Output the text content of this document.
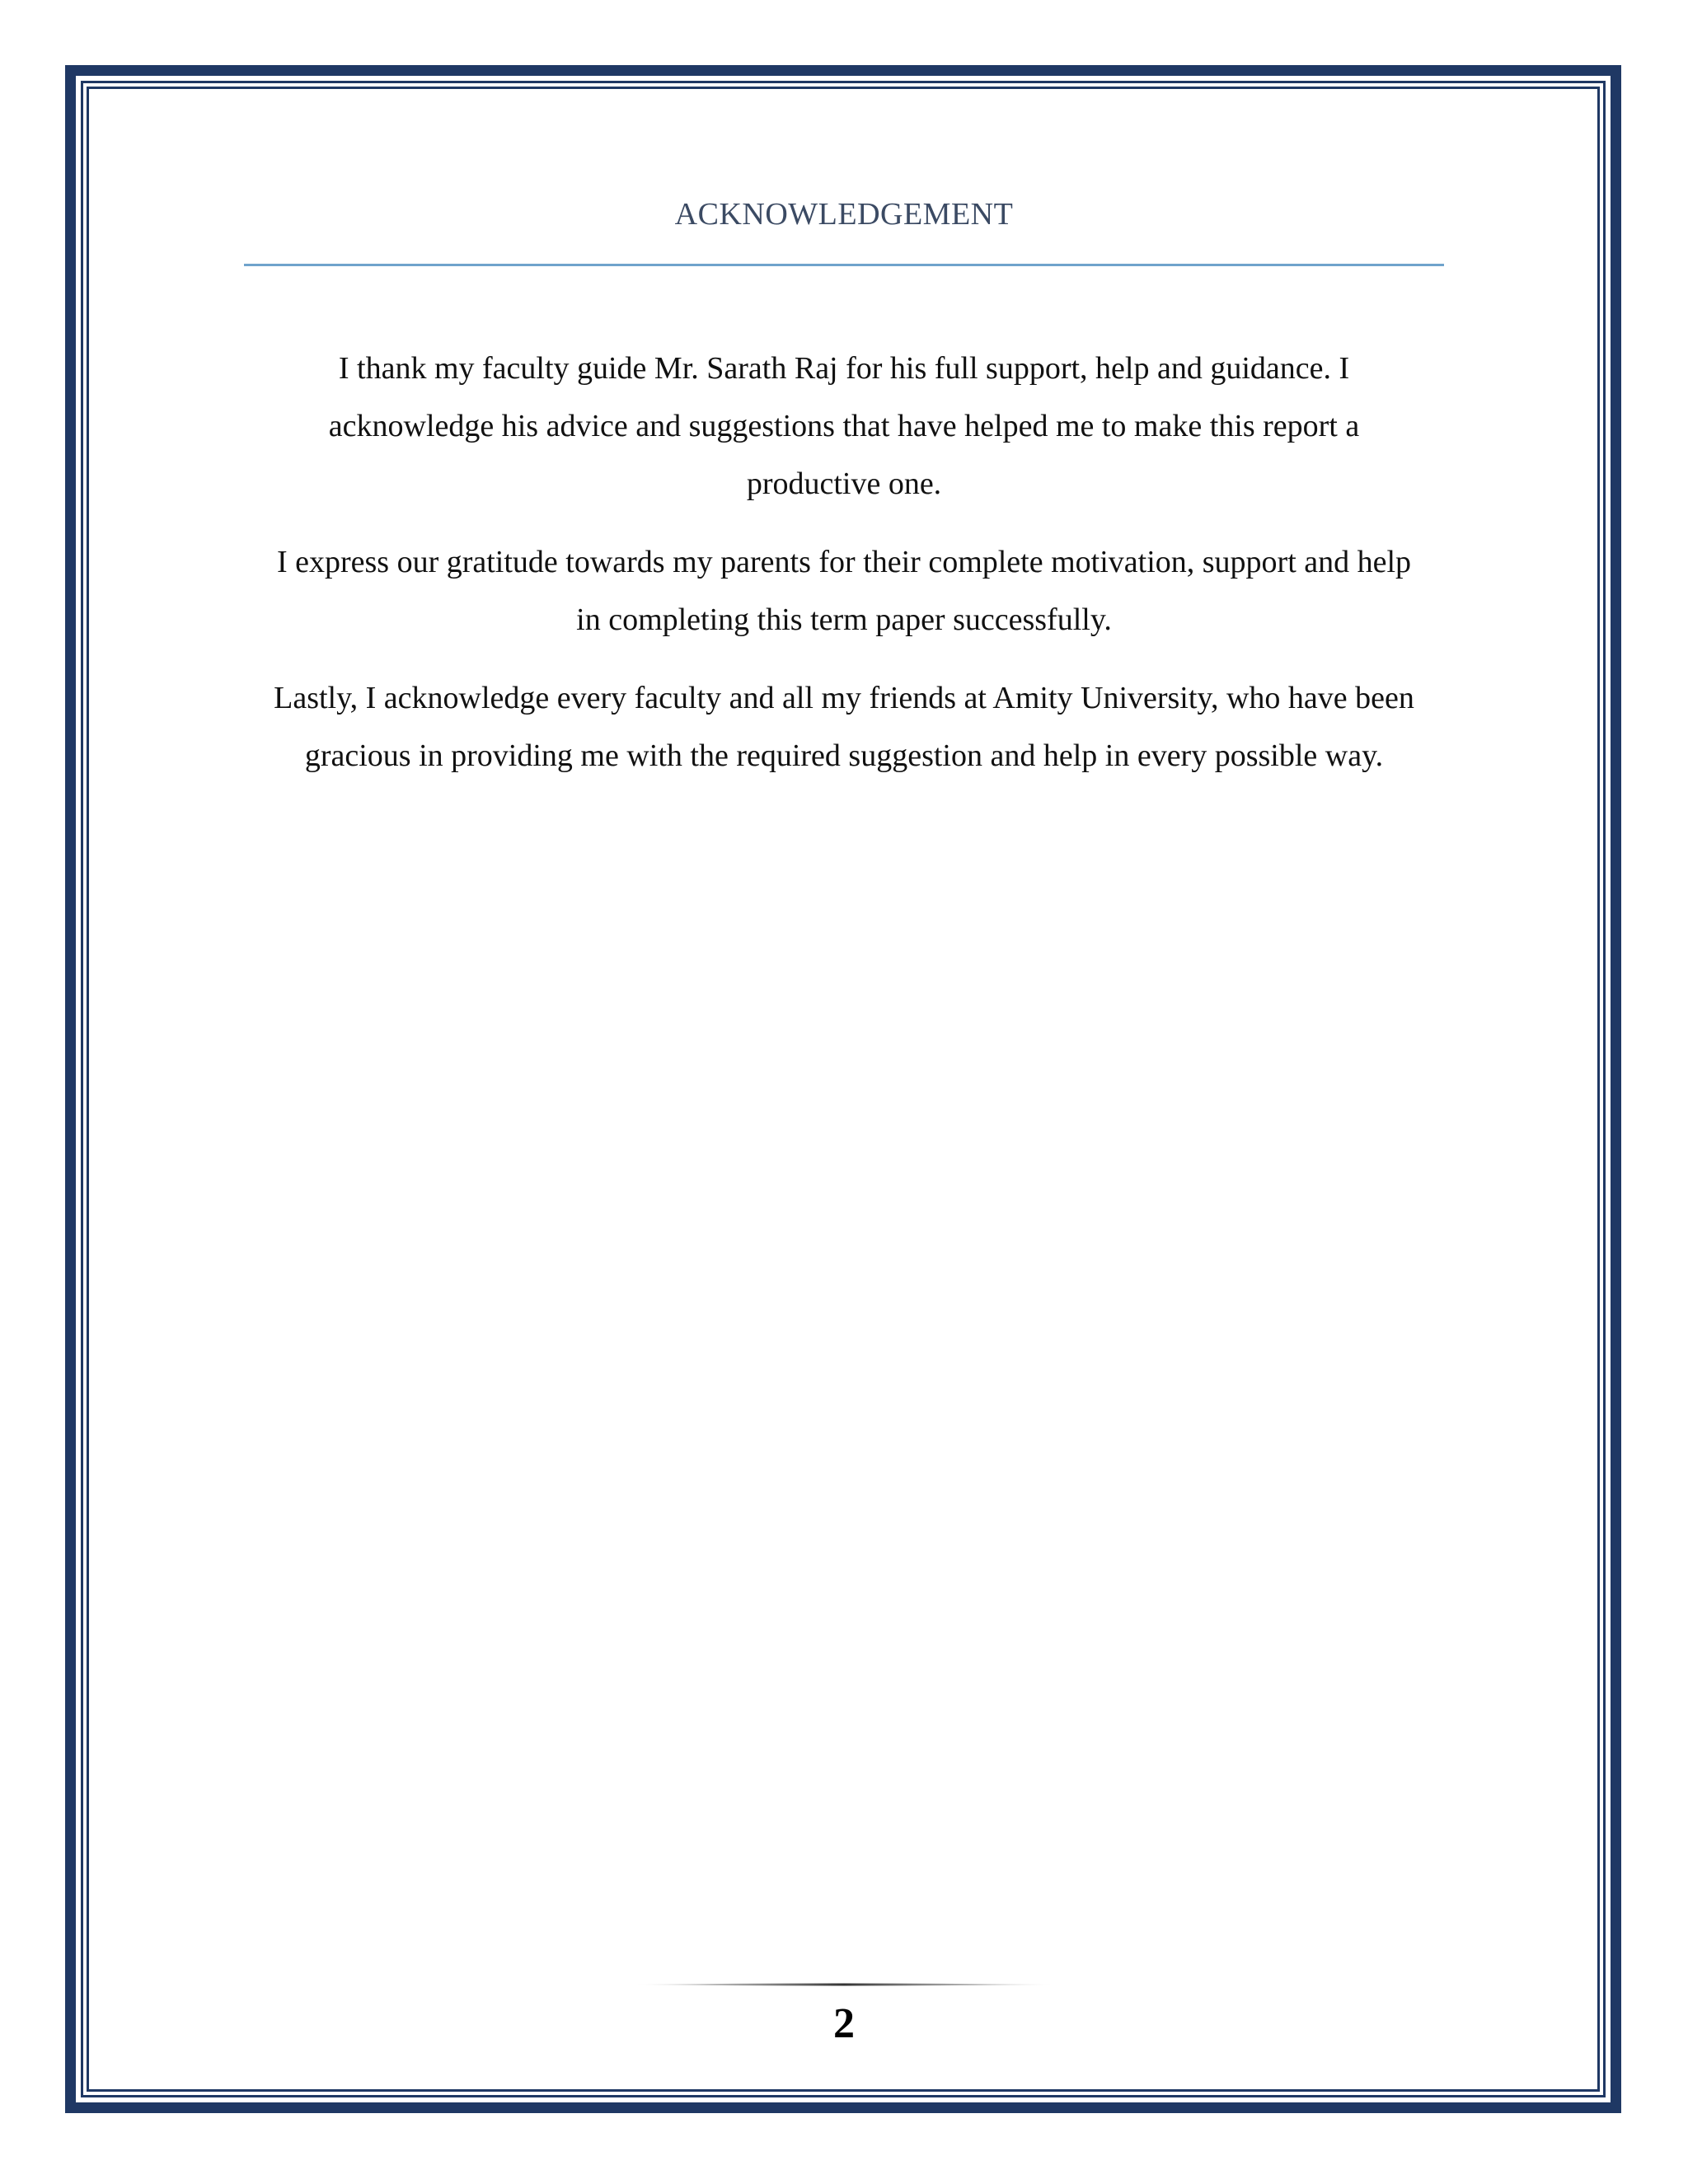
ACKNOWLEDGEMENT

I thank my faculty guide Mr. Sarath Raj for his full support, help and guidance. I acknowledge his advice and suggestions that have helped me to make this report a productive one.

I express our gratitude towards my parents for their complete motivation, support and help in completing this term paper successfully.

Lastly, I acknowledge every faculty and all my friends at Amity University, who have been gracious in providing me with the required suggestion and help in every possible way.

2
